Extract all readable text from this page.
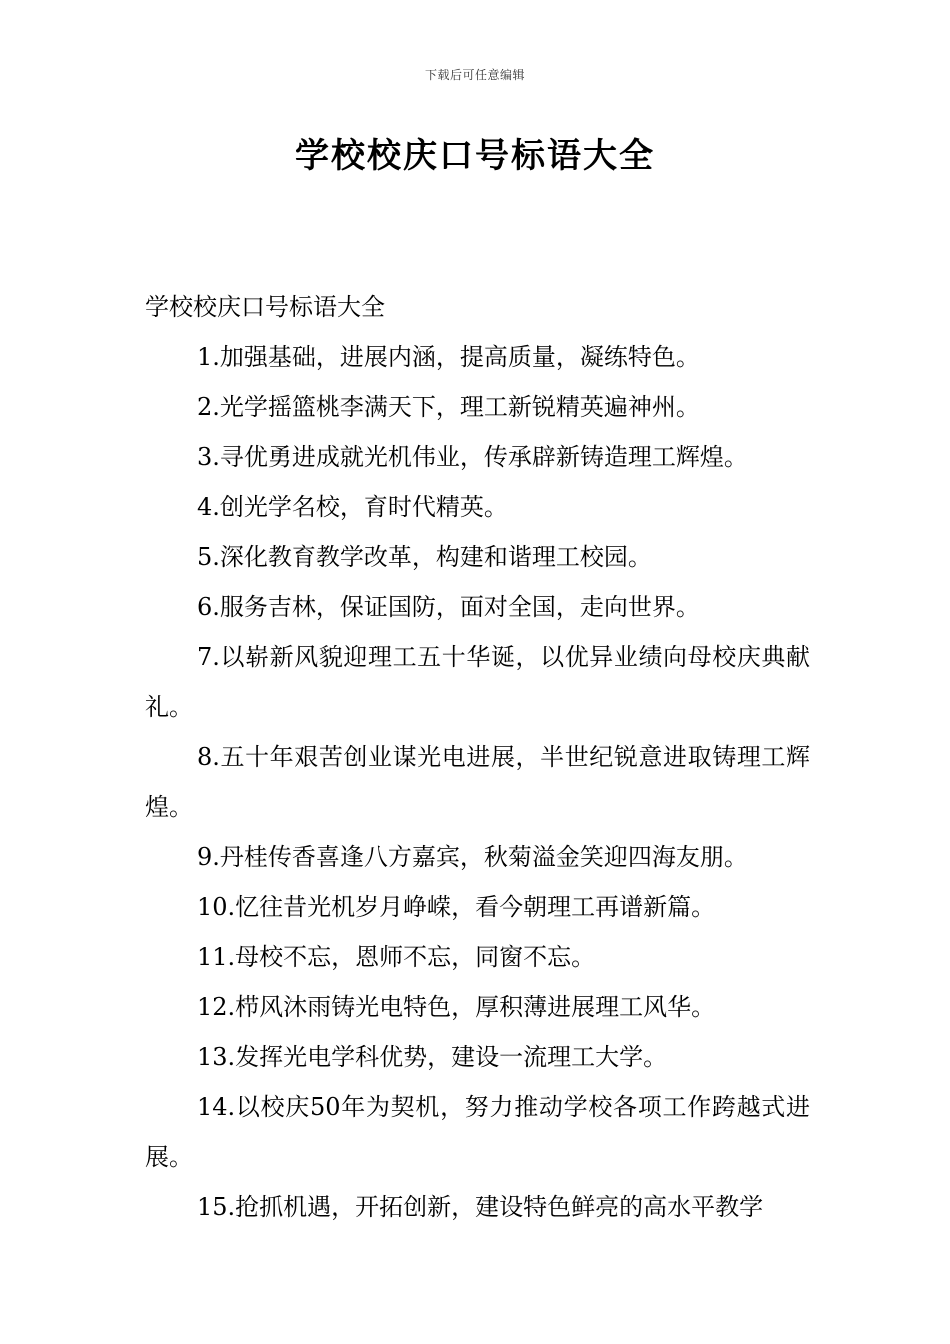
下载后可任意编辑
学校校庆口号标语大全

学校校庆口号标语大全

1.加强基础，进展内涵，提高质量，凝练特色。

2.光学摇篮桃李满天下，理工新锐精英遍神州。

3.寻优勇进成就光机伟业，传承辟新铸造理工辉煌。

4.创光学名校，育时代精英。

5.深化教育教学改革，构建和谐理工校园。

6.服务吉林，保证国防，面对全国，走向世界。

7.以崭新风貌迎理工五十华诞，以优异业绩向母校庆典献礼。

8.五十年艰苦创业谋光电进展，半世纪锐意进取铸理工辉煌。

9.丹桂传香喜逢八方嘉宾，秋菊溢金笑迎四海友朋。

10.忆往昔光机岁月峥嵘，看今朝理工再谱新篇。

11.母校不忘，恩师不忘，同窗不忘。

12.栉风沐雨铸光电特色，厚积薄进展理工风华。

13.发挥光电学科优势，建设一流理工大学。

14.以校庆50年为契机，努力推动学校各项工作跨越式进展。

15.抢抓机遇，开拓创新，建设特色鲜亮的高水平教学
